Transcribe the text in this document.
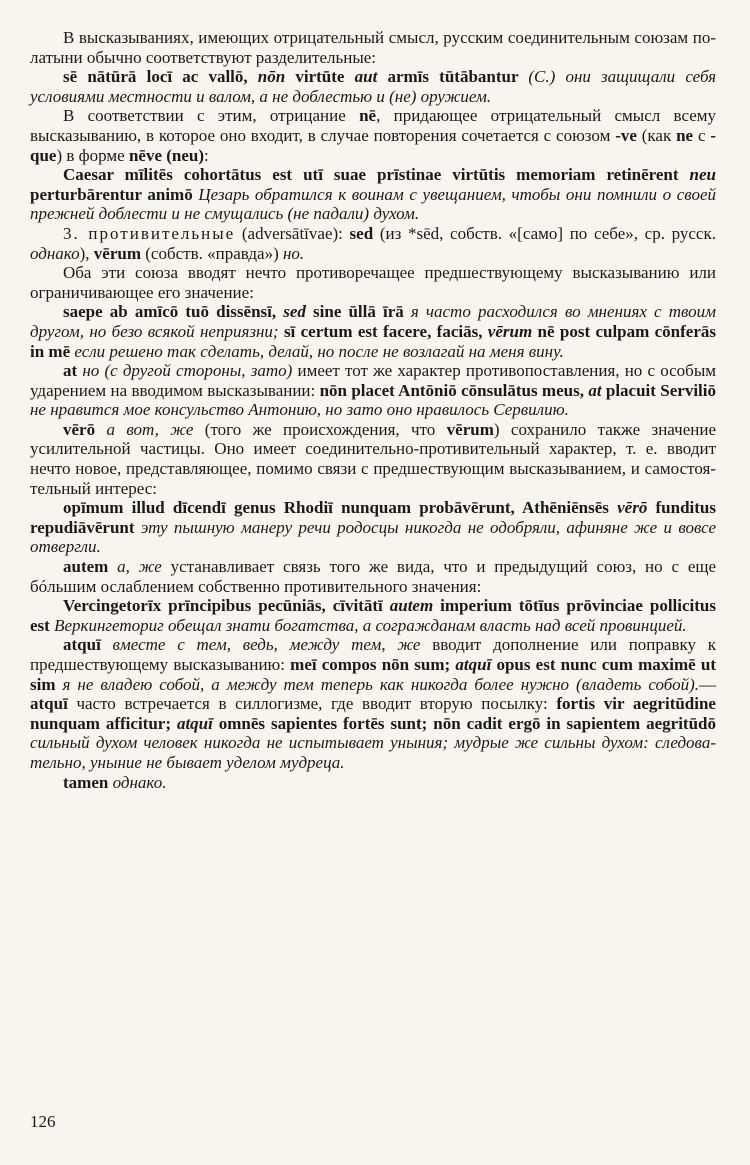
В высказываниях, имеющих отрицательный смысл, русским соединительным союзам по-латыни обычно соответствуют разделительные:

sē nātūrā locī ac vallō, nōn virtūte aut armīs tūtābantur (C.) они защищали себя условиями местности и валом, а не доблестью и (не) оружием.

В соответствии с этим, отрицание nē, придающее отрицательный смысл всему высказыванию, в которое оно входит, в случае повторения сочетается с союзом -ve (как ne с -que) в форме nēve (neu):

Caesar mīlitēs cohortātus est utī suae prīstinae virtūtis memoriam retinērent neu perturbārentur animō Цезарь обратился к воинам с увещанием, чтобы они помнили о своей прежней доблести и не смущались (не падали) духом.

3. противительные (adversātīvae): sed (из *sēd, собств. «[само] по себе», ср. русск. однако), vērum (собств. «правда») но.

Оба эти союза вводят нечто противоречащее предшествующему высказыванию или ограничивающее его значение:

saepe ab amīcō tuō dissēnsī, sed sine ūllā īrā я часто расходился во мнениях с твоим другом, но безо всякой неприязни; sī certum est facere, faciās, vērum nē post culpam cōnferās in mē если решено так сделать, делай, но после не возлагай на меня вину.

at но (с другой стороны, зато) имеет тот же характер противопоставления, но с особым ударением на вводимом высказывании: nōn placet Antōniō cōnsulātus meus, at placuit Serviliō не нравится мое консульство Антонию, но зато оно нравилось Сервилию.

vērō а вот, же (того же происхождения, что vērum) сохранило также значение усилительной частицы. Оно имеет соединительно-противительный характер, т. е. вводит нечто новое, представляющее, помимо связи с предшествующим высказыванием, и самостоятельный интерес:

opīmum illud dīcendī genus Rhodiī nunquam probāvērunt, Athēniēnsēs vērō funditus repudiāvērunt эту пышную манеру речи родосцы никогда не одобряли, афиняне же и вовсе отвергли.

autem а, же устанавливает связь того же вида, что и предыдущий союз, но с еще бóльшим ослаблением собственно противительного значения:

Vercingetorīx prīncipibus pecūniās, cīvitātī autem imperium tōtīus prōvinciae pollicitus est Веркингеториг обещал знати богатства, а согражданам власть над всей провинцией.

atquī вместе с тем, ведь, между тем, же вводит дополнение или поправку к предшествующему высказыванию: meī compos nōn sum; atquī opus est nunc cum maximē ut sim я не владею собой, а между тем теперь как никогда более нужно (владеть собой).— atquī часто встречается в силлогизме, где вводит вторую посылку: fortis vir aegritūdine nunquam afficitur; atquī omnēs sapientes fortēs sunt; nōn cadit ergō in sapientem aegritūdō сильный духом человек никогда не испытывает уныния; мудрые же сильны духом: следовательно, уныние не бывает уделом мудреца.

tamen однако.

126
